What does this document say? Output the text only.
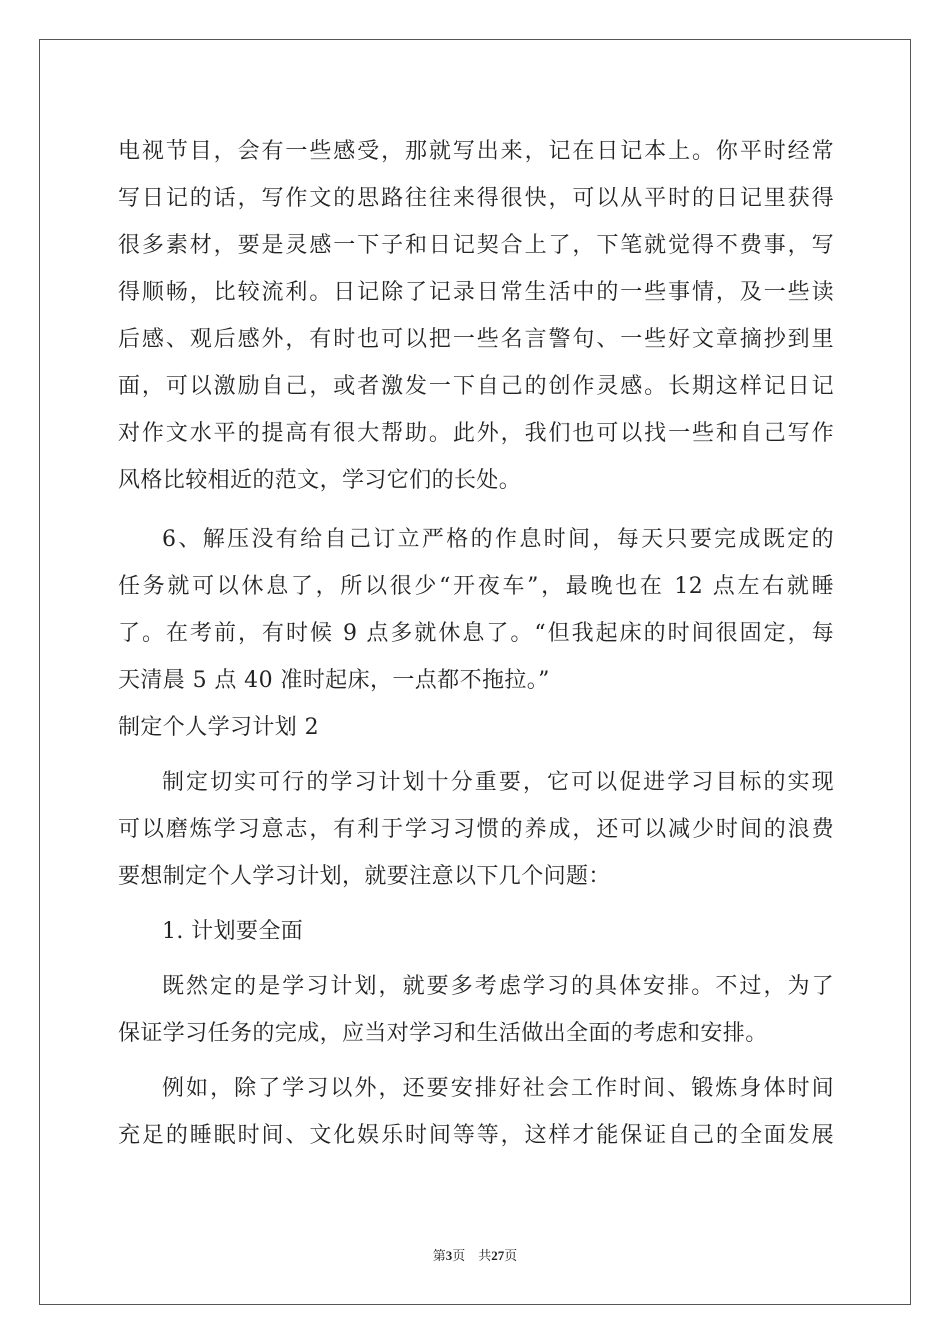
电视节目，会有一些感受，那就写出来，记在日记本上。你平时经常
写日记的话，写作文的思路往往来得很快，可以从平时的日记里获得
很多素材，要是灵感一下子和日记契合上了，下笔就觉得不费事，写
得顺畅，比较流利。日记除了记录日常生活中的一些事情，及一些读
后感、观后感外，有时也可以把一些名言警句、一些好文章摘抄到里
面，可以激励自己，或者激发一下自己的创作灵感。长期这样记日记
对作文水平的提高有很大帮助。此外，我们也可以找一些和自己写作
风格比较相近的范文，学习它们的长处。
6、解压没有给自己订立严格的作息时间，每天只要完成既定的
任务就可以休息了，所以很少“开夜车”，最晚也在 12 点左右就睡
了。在考前，有时候 9 点多就休息了。“但我起床的时间很固定，每
天清晨 5 点 40 准时起床，一点都不拖拉。”
制定个人学习计划 2
制定切实可行的学习计划十分重要，它可以促进学习目标的实现
可以磨炼学习意志，有利于学习习惯的养成，还可以减少时间的浪费
要想制定个人学习计划，就要注意以下几个问题：
1. 计划要全面
既然定的是学习计划，就要多考虑学习的具体安排。不过，为了
保证学习任务的完成，应当对学习和生活做出全面的考虑和安排。
例如，除了学习以外，还要安排好社会工作时间、锻炼身体时间
充足的睡眠时间、文化娱乐时间等等，这样才能保证自己的全面发展
第3页　共27页
